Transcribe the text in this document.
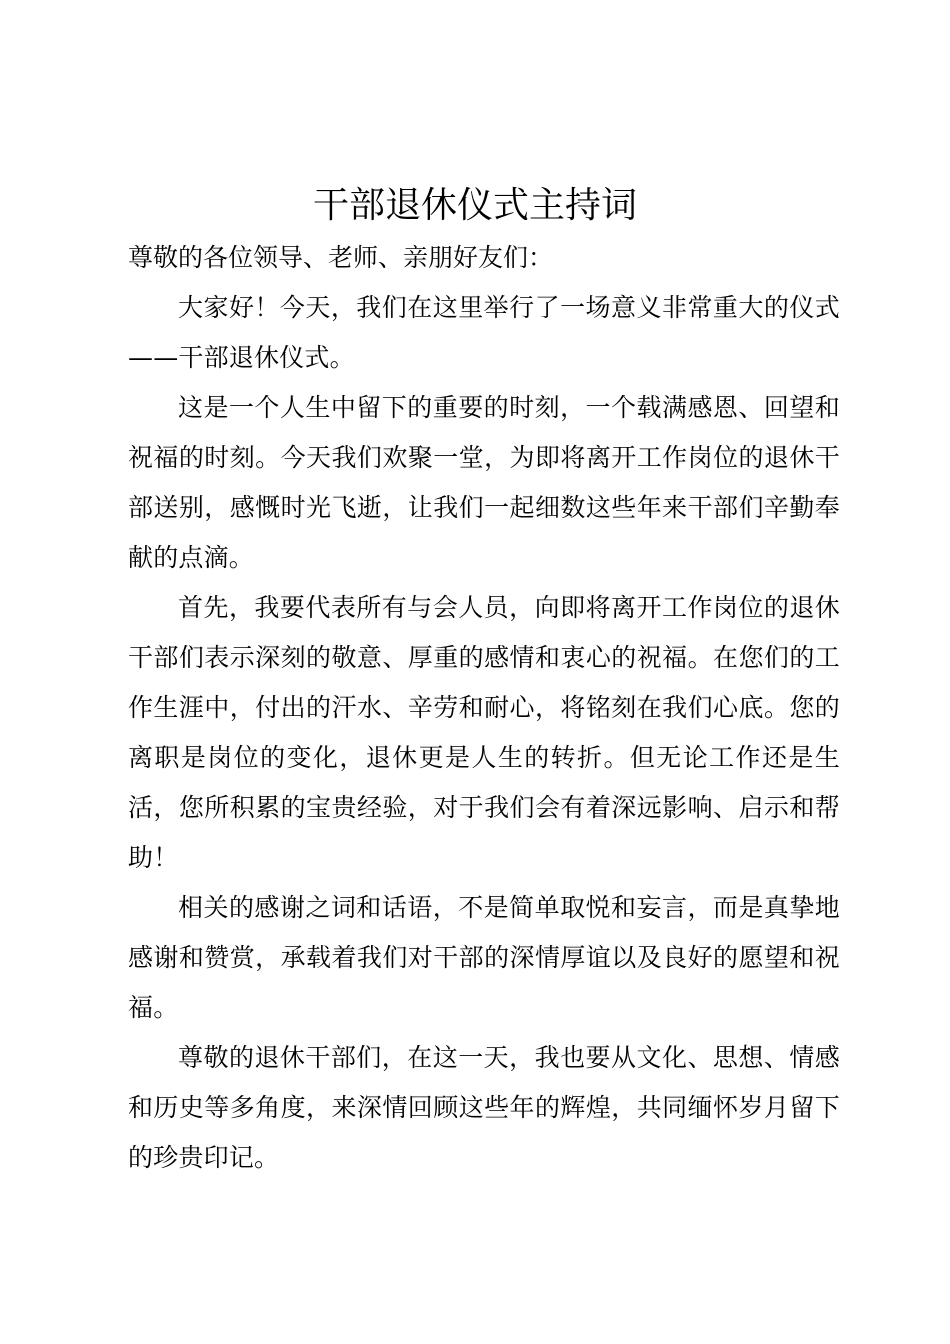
干部退休仪式主持词

尊敬的各位领导、老师、亲朋好友们：

大家好！今天，我们在这里举行了一场意义非常重大的仪式——干部退休仪式。

这是一个人生中留下的重要的时刻，一个载满感恩、回望和祝福的时刻。今天我们欢聚一堂，为即将离开工作岗位的退休干部送别，感慨时光飞逝，让我们一起细数这些年来干部们辛勤奉献的点滴。

首先，我要代表所有与会人员，向即将离开工作岗位的退休干部们表示深刻的敬意、厚重的感情和衷心的祝福。在您们的工作生涯中，付出的汗水、辛劳和耐心，将铭刻在我们心底。您的离职是岗位的变化，退休更是人生的转折。但无论工作还是生活，您所积累的宝贵经验，对于我们会有着深远影响、启示和帮助！

相关的感谢之词和话语，不是简单取悦和妄言，而是真挚地感谢和赞赏，承载着我们对干部的深情厚谊以及良好的愿望和祝福。

尊敬的退休干部们，在这一天，我也要从文化、思想、情感和历史等多角度，来深情回顾这些年的辉煌，共同缅怀岁月留下的珍贵印记。
